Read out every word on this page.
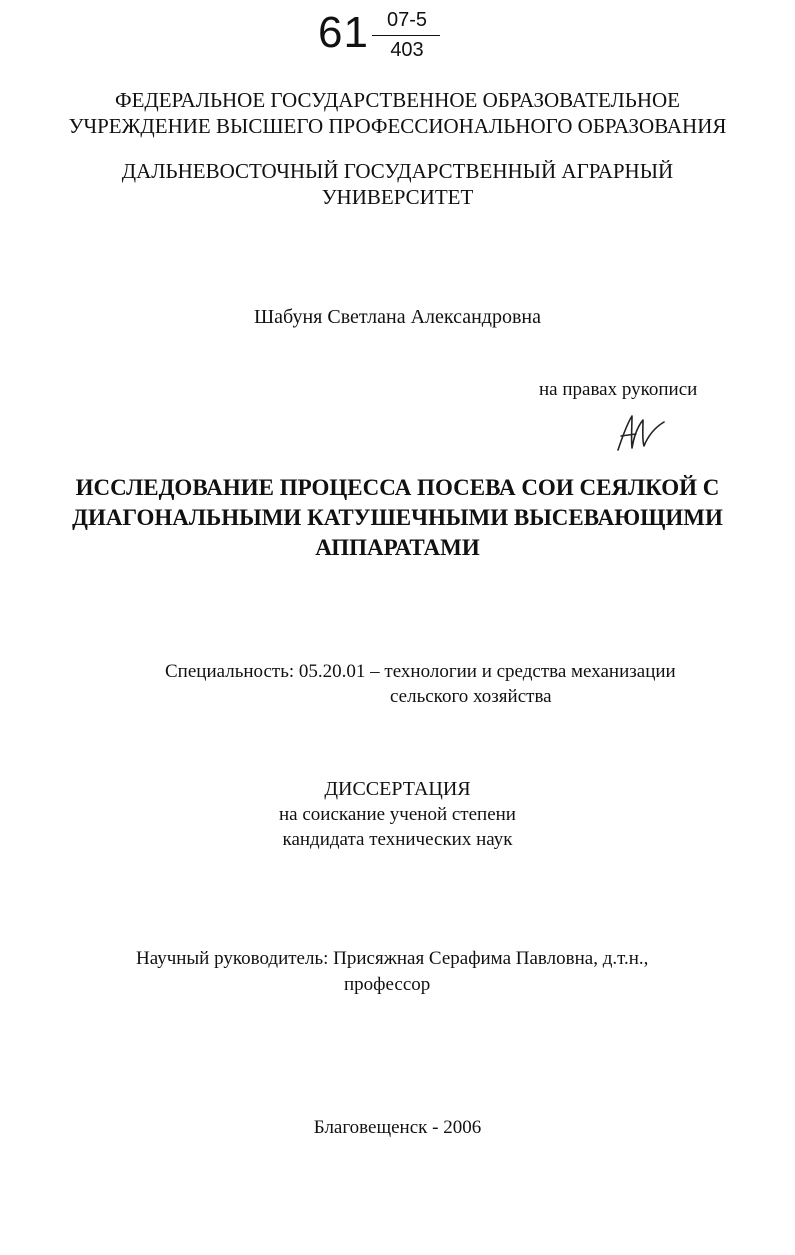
61 07-5
403
ФЕДЕРАЛЬНОЕ ГОСУДАРСТВЕННОЕ ОБРАЗОВАТЕЛЬНОЕ
УЧРЕЖДЕНИЕ ВЫСШЕГО ПРОФЕССИОНАЛЬНОГО ОБРАЗОВАНИЯ
ДАЛЬНЕВОСТОЧНЫЙ ГОСУДАРСТВЕННЫЙ АГРАРНЫЙ
УНИВЕРСИТЕТ
Шабуня Светлана Александровна
на правах рукописи
ИССЛЕДОВАНИЕ ПРОЦЕССА ПОСЕВА СОИ СЕЯЛКОЙ С
ДИАГОНАЛЬНЫМИ КАТУШЕЧНЫМИ ВЫСЕВАЮЩИМИ
АППАРАТАМИ
Специальность: 05.20.01 – технологии и средства механизации
сельского хозяйства
ДИССЕРТАЦИЯ
на соискание ученой степени
кандидата технических наук
Научный руководитель: Присяжная Серафима Павловна, д.т.н.,
профессор
Благовещенск - 2006
